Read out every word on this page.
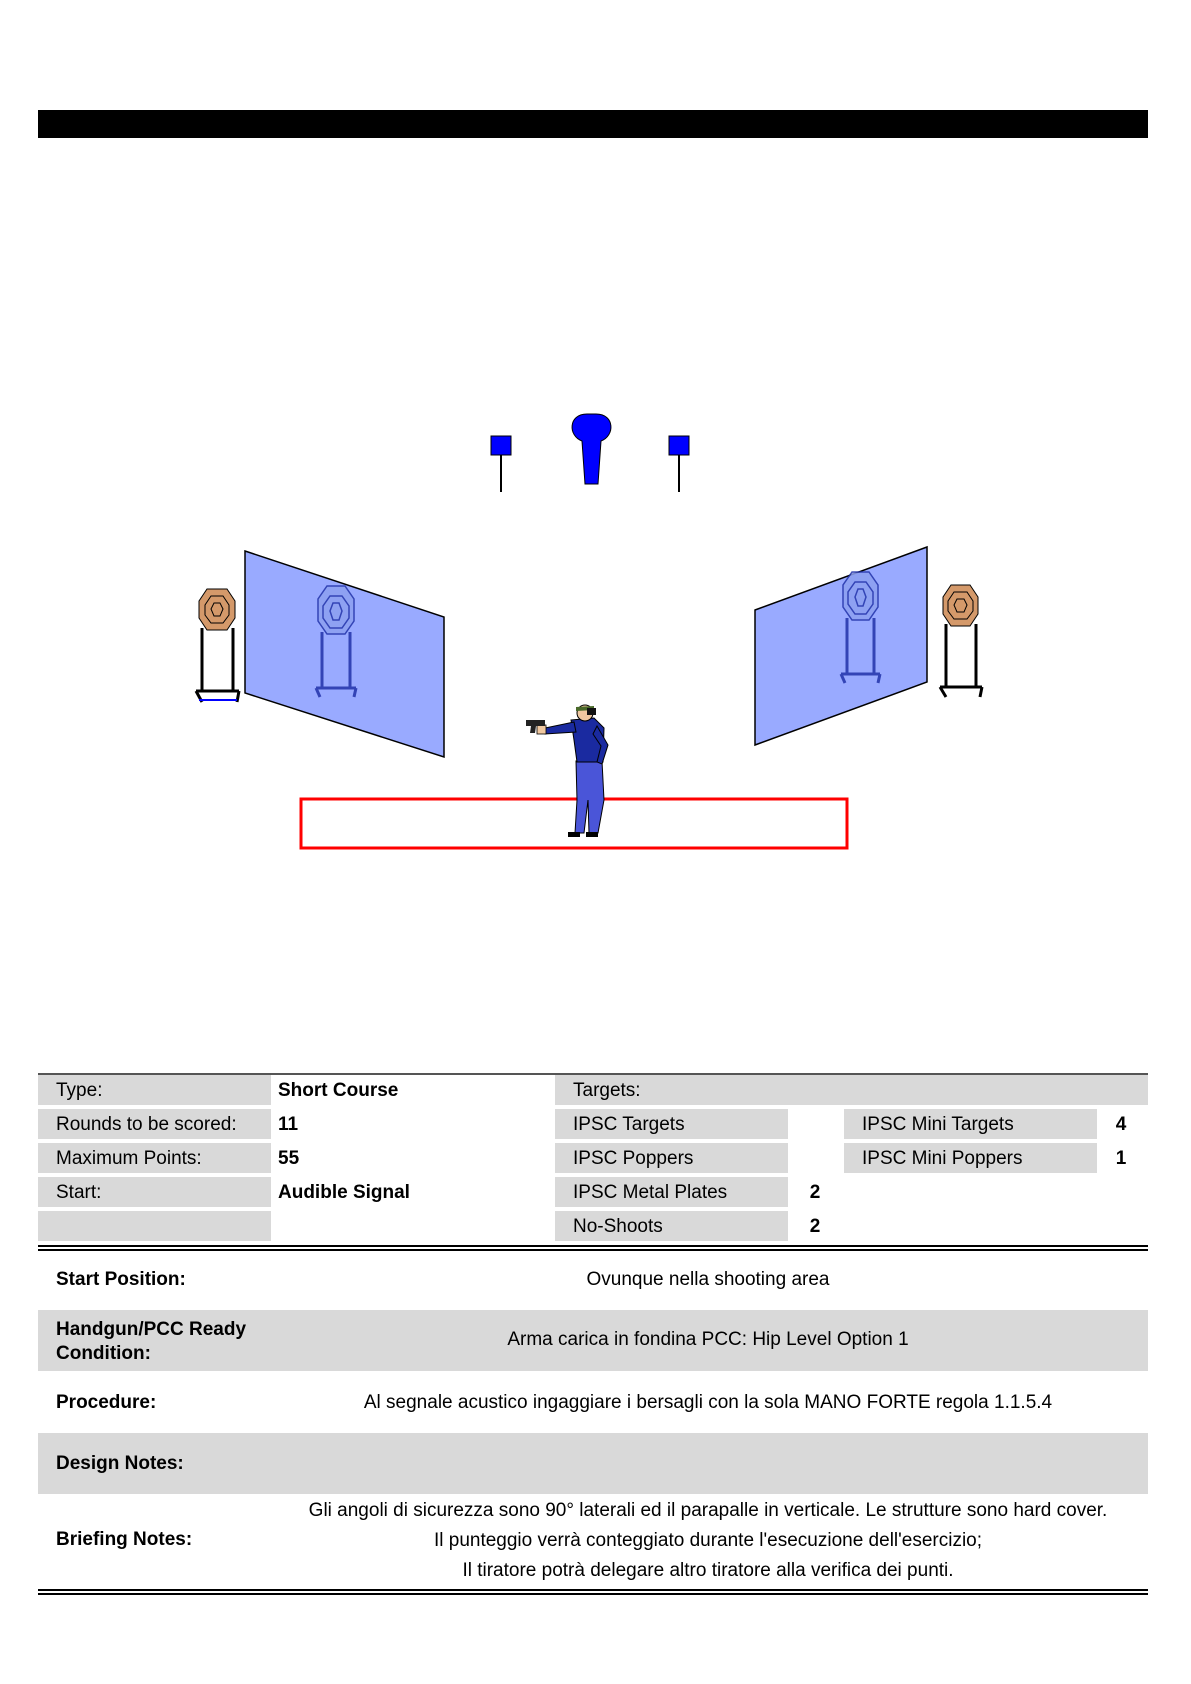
Type:
Rounds to be scored:
Maximum Points:
Start:
Short Course
11
55
Audible Signal
Targets:
IPSC Targets
IPSC Poppers
IPSC Metal Plates
No-Shoots
2
2
IPSC Mini Targets
IPSC Mini Poppers
4
1
Start Position:	Ovunque nella shooting area
Handgun/PCC Ready
Condition:
Arma carica in fondina PCC: Hip Level Option 1
Procedure:	Al segnale acustico ingaggiare i bersagli con la sola MANO FORTE regola 1.1.5.4
Design Notes:
Briefing Notes:
Gli angoli di sicurezza sono 90° laterali ed il parapalle in verticale. Le strutture sono hard cover.
Il punteggio verrà conteggiato durante l'esecuzione dell'esercizio;
Il tiratore potrà delegare altro tiratore alla verifica dei punti.
